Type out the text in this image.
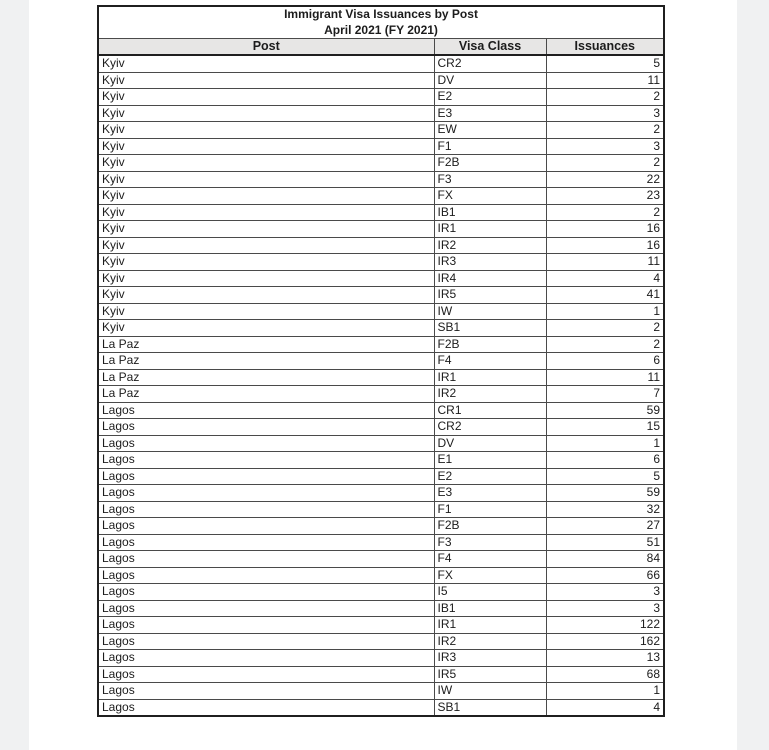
Immigrant Visa Issuances by Post
April 2021 (FY 2021)		

Post	Visa Class	Issuances
Kyiv	CR2	5
Kyiv	DV	11
Kyiv	E2	2
Kyiv	E3	3
Kyiv	EW	2
Kyiv	F1	3
Kyiv	F2B	2
Kyiv	F3	22
Kyiv	FX	23
Kyiv	IB1	2
Kyiv	IR1	16
Kyiv	IR2	16
Kyiv	IR3	11
Kyiv	IR4	4
Kyiv	IR5	41
Kyiv	IW	1
Kyiv	SB1	2
La Paz	F2B	2
La Paz	F4	6
La Paz	IR1	11
La Paz	IR2	7
Lagos	CR1	59
Lagos	CR2	15
Lagos	DV	1
Lagos	E1	6
Lagos	E2	5
Lagos	E3	59
Lagos	F1	32
Lagos	F2B	27
Lagos	F3	51
Lagos	F4	84
Lagos	FX	66
Lagos	I5	3
Lagos	IB1	3
Lagos	IR1	122
Lagos	IR2	162
Lagos	IR3	13
Lagos	IR5	68
Lagos	IW	1
Lagos	SB1	4
